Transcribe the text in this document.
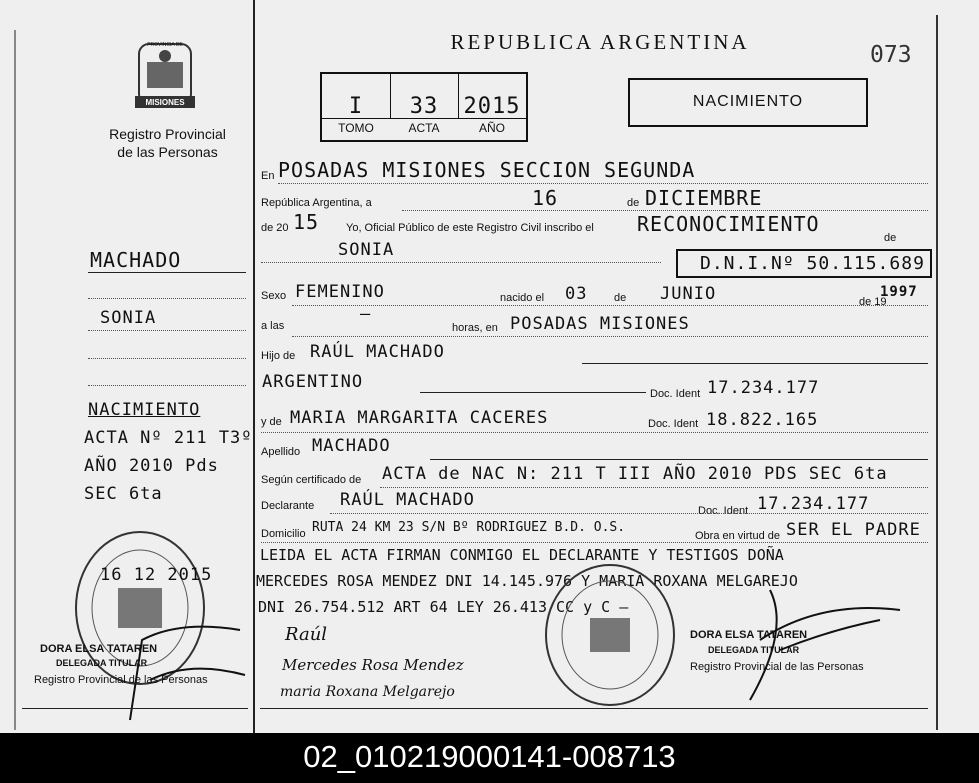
PROVINCIA DE
MISIONES
Registro Provincial
de las Personas
REPUBLICA ARGENTINA	073
I	33	2015
TOMO	ACTA	AÑO
NACIMIENTO
MACHADO
SONIA
NACIMIENTO
ACTA Nº 211 T3º
AÑO 2010 Pds
SEC 6ta
16 12 2015
DORA ELSA TATAREN
DELEGADA TITULAR
Registro Provincial de las Personas
En POSADAS MISIONES SECCION SEGUNDA
República Argentina, a	16	de DICIEMBRE
de 20 15 Yo, Oficial Público de este Registro Civil inscribo el RECONOCIMIENTO
de
SONIA
D.N.I.Nº 50.115.689
Sexo FEMENINO	nacido el 03 de JUNIO	de 19
1997
a las
—
horas, en POSADAS MISIONES
Hijo de RAÚL MACHADO
ARGENTINO
Doc. Ident 17.234.177
y de MARIA MARGARITA CACERES	Doc. Ident 18.822.165
Apellido MACHADO
Según certificado de ACTA de NAC N: 211 T III AÑO 2010 PDS SEC 6ta
Declarante RAÚL MACHADO
Doc. Ident 17.234.177
Domicilio RUTA 24 KM 23 S/N Bº RODRIGUEZ B.D. O.S.
Obra en virtud de SER EL PADRE
LEIDA EL ACTA FIRMAN CONMIGO EL DECLARANTE Y TESTIGOS DOÑA
MERCEDES ROSA MENDEZ DNI 14.145.976 Y MARIA ROXANA MELGAREJO
DNI 26.754.512 ART 64 LEY 26.413 CC y C —
Raúl
Mercedes Rosa Mendez
maria Roxana Melgarejo
DORA ELSA TATAREN
DELEGADA TITULAR
Registro Provincial de las Personas
02_010219000141-008713
